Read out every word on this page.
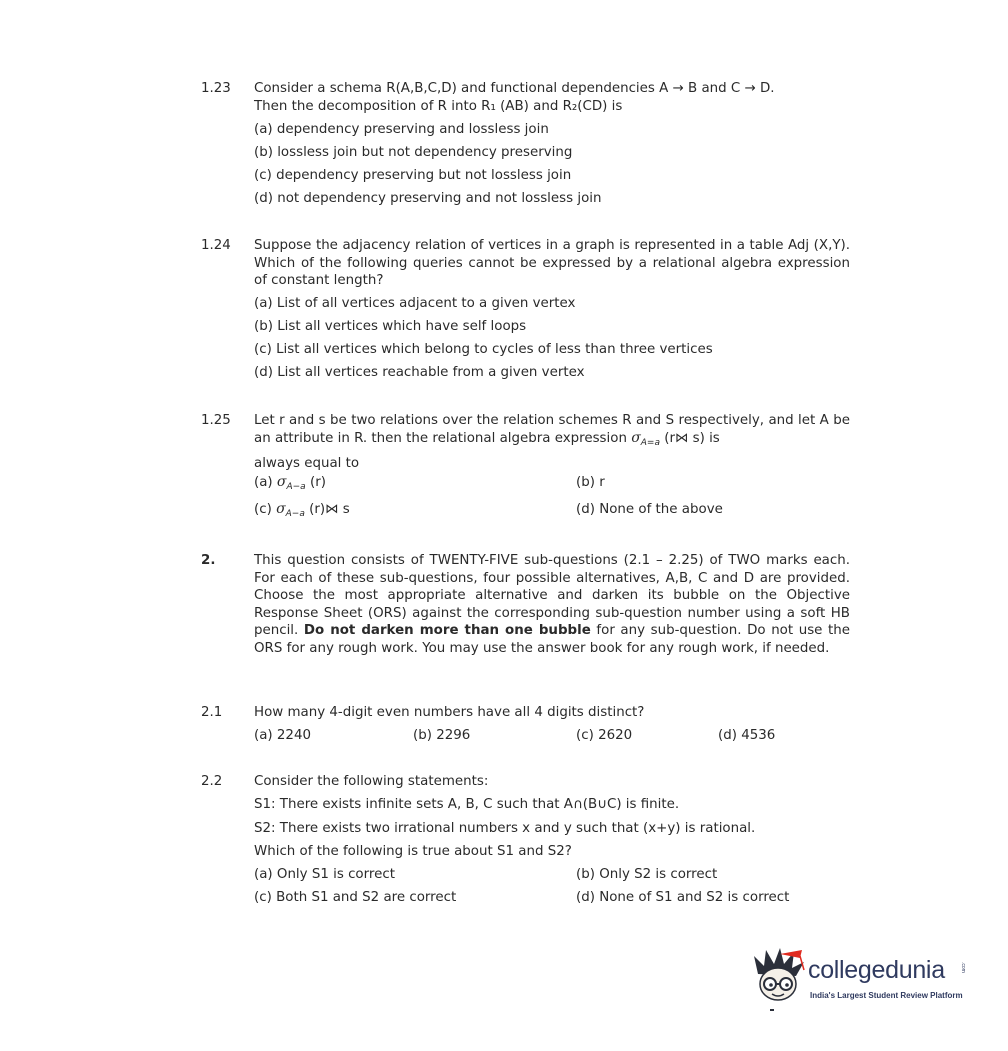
1.23	Consider a schema R(A,B,C,D) and functional dependencies A → B and C → D.

Then the decomposition of R into R₁ (AB) and R₂(CD) is

(a) dependency preserving and lossless join
(b) lossless join but not dependency preserving
(c) dependency preserving but not lossless join
(d) not dependency preserving and not lossless join
1.24	Suppose the adjacency relation of vertices in a graph is represented in a table Adj (X,Y). Which of the following queries cannot be expressed by a relational algebra expression of constant length?
(a) List of all vertices adjacent to a given vertex
(b) List all vertices which have self loops
(c) List all vertices which belong to cycles of less than three vertices
(d) List all vertices reachable from a given vertex
1.25	Let r and s be two relations over the relation schemes R and S respectively, and let A be an attribute in R. then the relational algebra expression $\sigma_{A=a}$ (r⋈ s) is
always equal to
(a) $\sigma_{A-a}$ (r)	(b) r
(c) $\sigma_{A-a}$ (r)⋈ s	(d) None of the above
2.	This question consists of TWENTY-FIVE sub-questions (2.1 – 2.25) of TWO marks each. For each of these sub-questions, four possible alternatives, A,B, C and D are provided. Choose the most appropriate alternative and darken its bubble on the Objective Response Sheet (ORS) against the corresponding sub-question number using a soft HB pencil. Do not darken more than one bubble for any sub-question. Do not use the ORS for any rough work. You may use the answer book for any rough work, if needed.
2.1	How many 4-digit even numbers have all 4 digits distinct?
(a) 2240	(b) 2296	(c) 2620	(d) 4536
2.2	Consider the following statements:
S1: There exists infinite sets A, B, C such that A∩(B∪C) is finite.
S2: There exists two irrational numbers x and y such that (x+y) is rational.
Which of the following is true about S1 and S2?
(a) Only S1 is correct	(b) Only S2 is correct
(c) Both S1 and S2 are correct	(d) None of S1 and S2 is correct
collegedunia	.com
India's Largest Student Review Platform
